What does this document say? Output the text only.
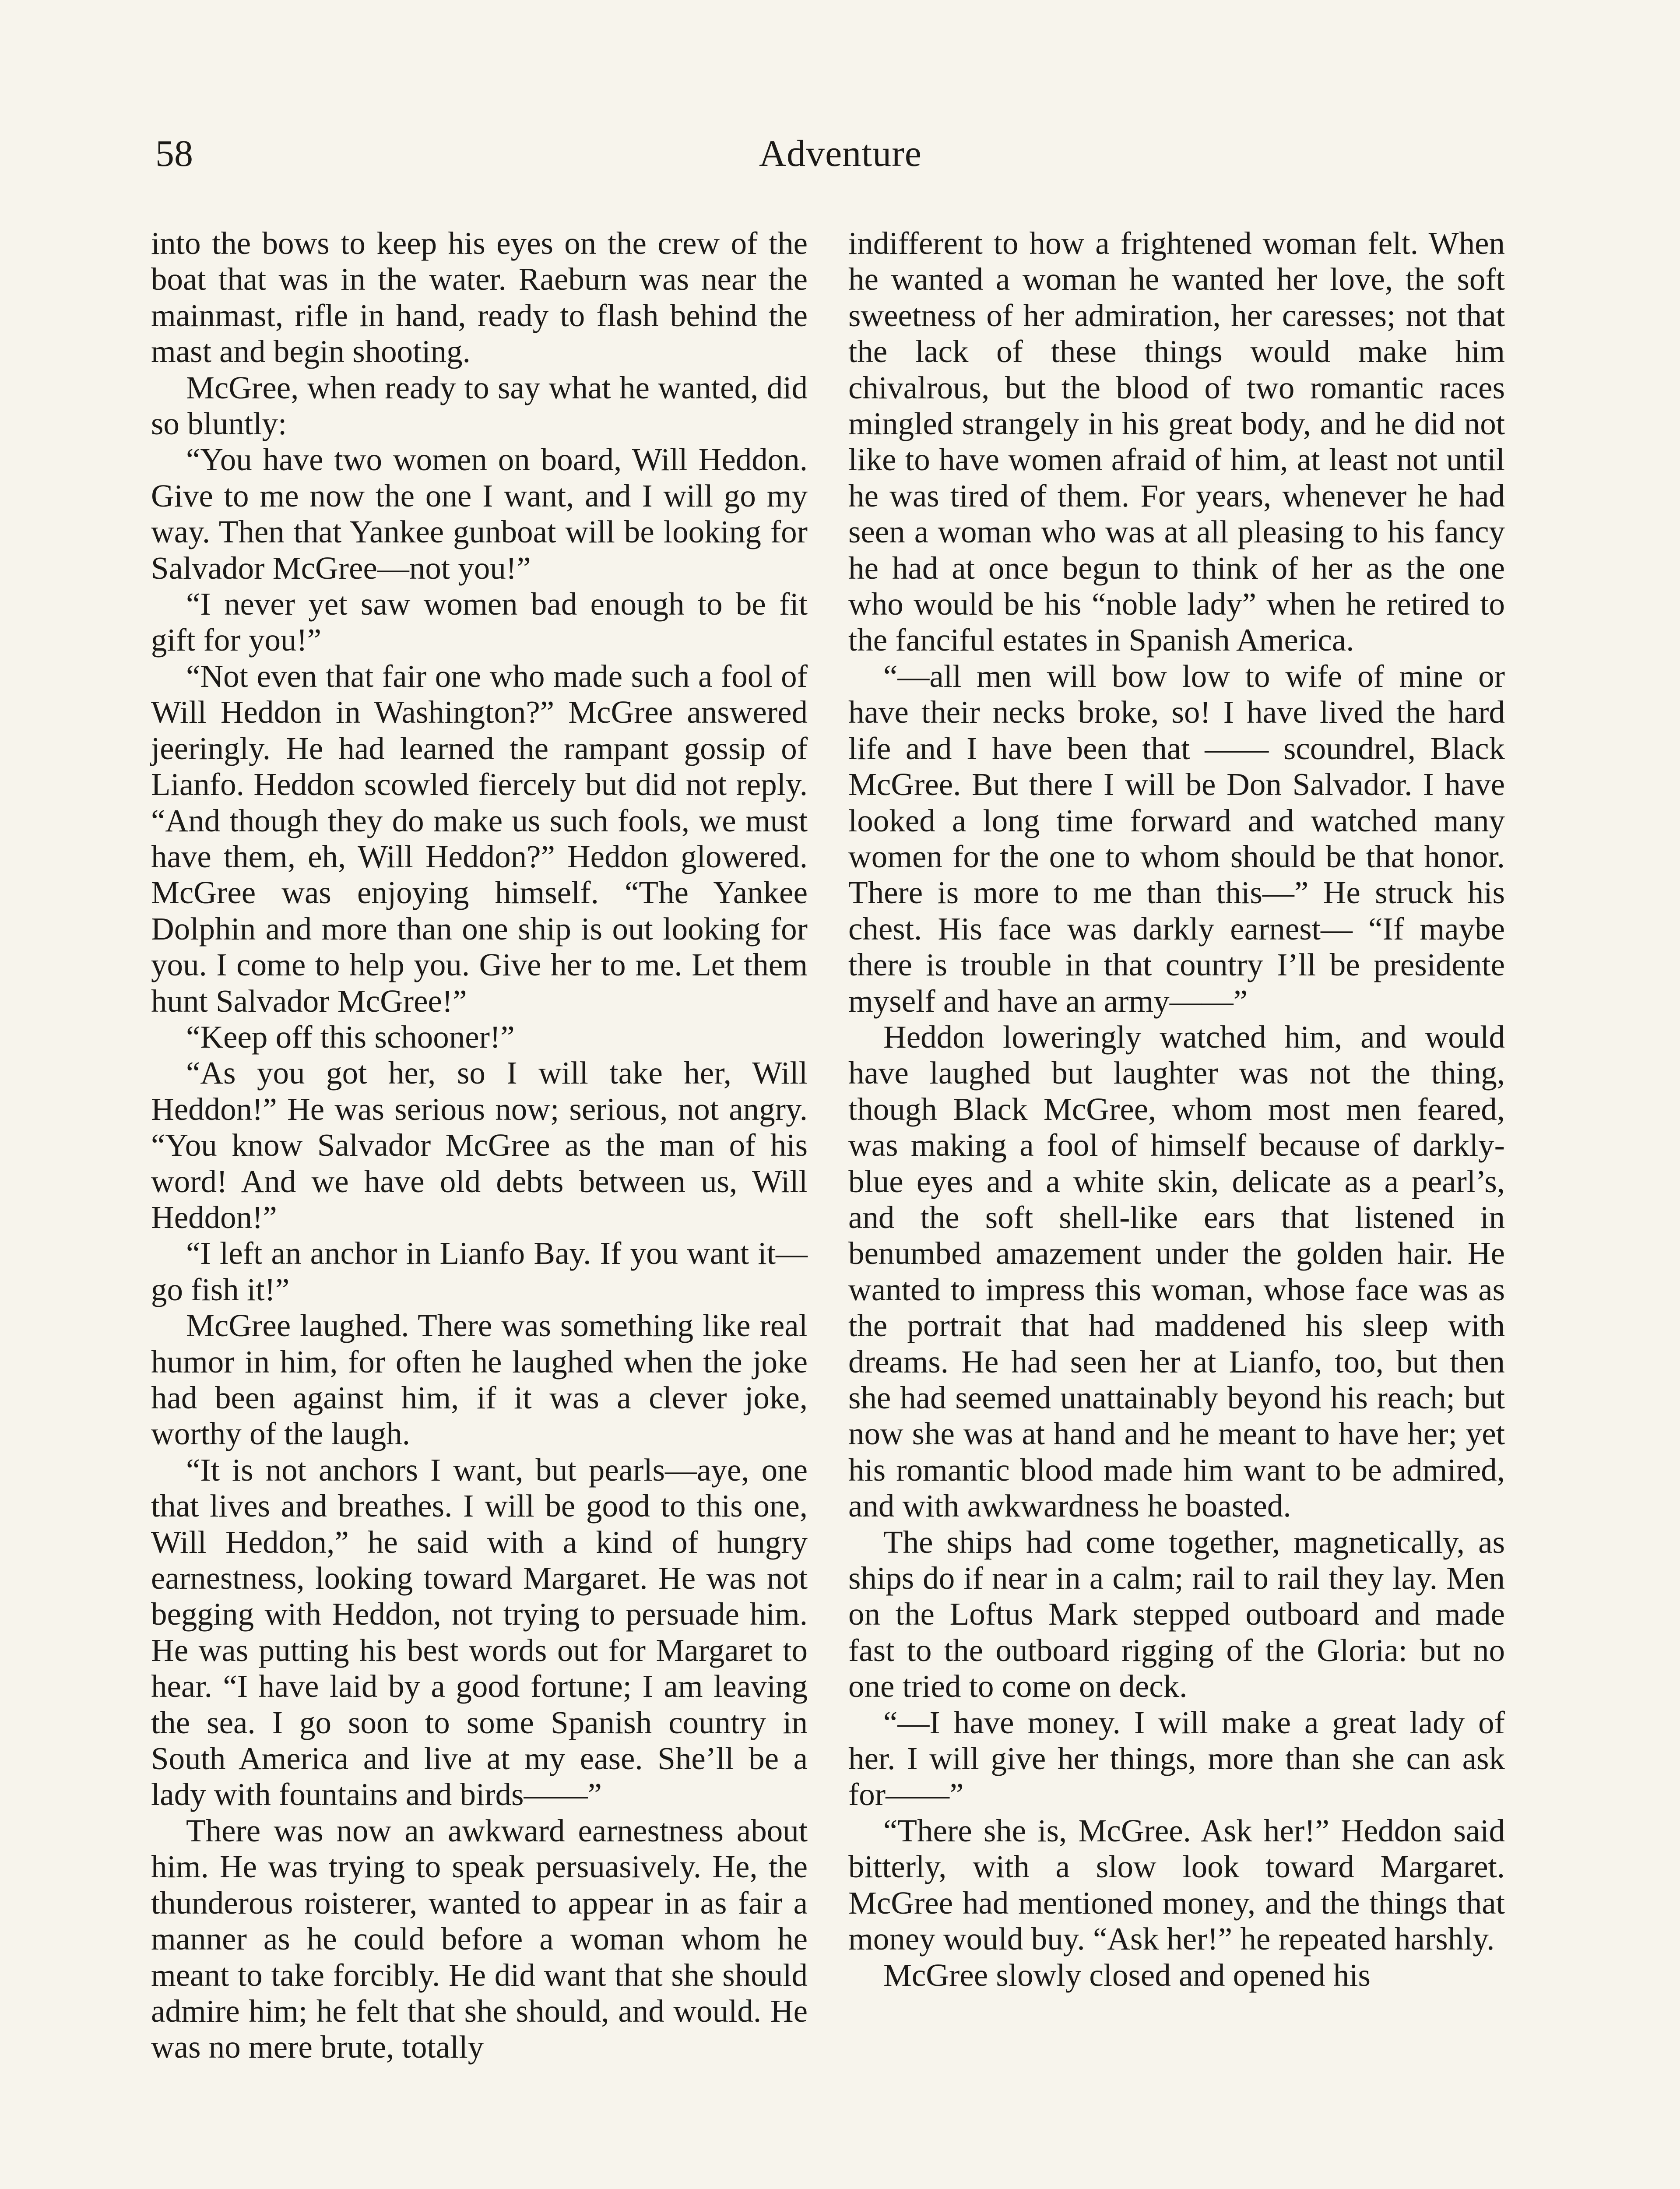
58	Adventure

into the bows to keep his eyes on the crew of the boat that was in the water. Raeburn was near the mainmast, rifle in hand, ready to flash behind the mast and begin shooting.

McGree, when ready to say what he wanted, did so bluntly:

“You have two women on board, Will Heddon. Give to me now the one I want, and I will go my way. Then that Yankee gunboat will be looking for Salvador McGree—not you!”

“I never yet saw women bad enough to be fit gift for you!”

“Not even that fair one who made such a fool of Will Heddon in Washington?” McGree answered jeeringly. He had learned the rampant gossip of Lianfo. Heddon scowled fiercely but did not reply. “And though they do make us such fools, we must have them, eh, Will Heddon?” Heddon glowered. McGree was enjoying himself. “The Yankee Dolphin and more than one ship is out looking for you. I come to help you. Give her to me. Let them hunt Salvador McGree!”

“Keep off this schooner!”

“As you got her, so I will take her, Will Heddon!” He was serious now; serious, not angry. “You know Salvador McGree as the man of his word! And we have old debts between us, Will Heddon!”

“I left an anchor in Lianfo Bay. If you want it—go fish it!”

McGree laughed. There was something like real humor in him, for often he laughed when the joke had been against him, if it was a clever joke, worthy of the laugh.

“It is not anchors I want, but pearls—aye, one that lives and breathes. I will be good to this one, Will Heddon,” he said with a kind of hungry earnestness, looking toward Margaret. He was not begging with Heddon, not trying to persuade him. He was putting his best words out for Margaret to hear. “I have laid by a good fortune; I am leaving the sea. I go soon to some Spanish country in South America and live at my ease. She’ll be a lady with fountains and birds——”

There was now an awkward earnestness about him. He was trying to speak persuasively. He, the thunderous roisterer, wanted to appear in as fair a manner as he could before a woman whom he meant to take forcibly. He did want that she should admire him; he felt that she should, and would. He was no mere brute, totally

indifferent to how a frightened woman felt. When he wanted a woman he wanted her love, the soft sweetness of her admiration, her caresses; not that the lack of these things would make him chivalrous, but the blood of two romantic races mingled strangely in his great body, and he did not like to have women afraid of him, at least not until he was tired of them. For years, whenever he had seen a woman who was at all pleasing to his fancy he had at once begun to think of her as the one who would be his “noble lady” when he retired to the fanciful estates in Spanish America.

“—all men will bow low to wife of mine or have their necks broke, so! I have lived the hard life and I have been that —— scoundrel, Black McGree. But there I will be Don Salvador. I have looked a long time forward and watched many women for the one to whom should be that honor. There is more to me than this—” He struck his chest. His face was darkly earnest— “If maybe there is trouble in that country I’ll be presidente myself and have an army——”

Heddon loweringly watched him, and would have laughed but laughter was not the thing, though Black McGree, whom most men feared, was making a fool of himself because of darkly-blue eyes and a white skin, delicate as a pearl’s, and the soft shell-like ears that listened in benumbed amazement under the golden hair. He wanted to impress this woman, whose face was as the portrait that had maddened his sleep with dreams. He had seen her at Lianfo, too, but then she had seemed unattainably beyond his reach; but now she was at hand and he meant to have her; yet his romantic blood made him want to be admired, and with awkwardness he boasted.

The ships had come together, magnetically, as ships do if near in a calm; rail to rail they lay. Men on the Loftus Mark stepped outboard and made fast to the outboard rigging of the Gloria: but no one tried to come on deck.

“—I have money. I will make a great lady of her. I will give her things, more than she can ask for——”

“There she is, McGree. Ask her!” Heddon said bitterly, with a slow look toward Margaret. McGree had mentioned money, and the things that money would buy. “Ask her!” he repeated harshly.

McGree slowly closed and opened his
